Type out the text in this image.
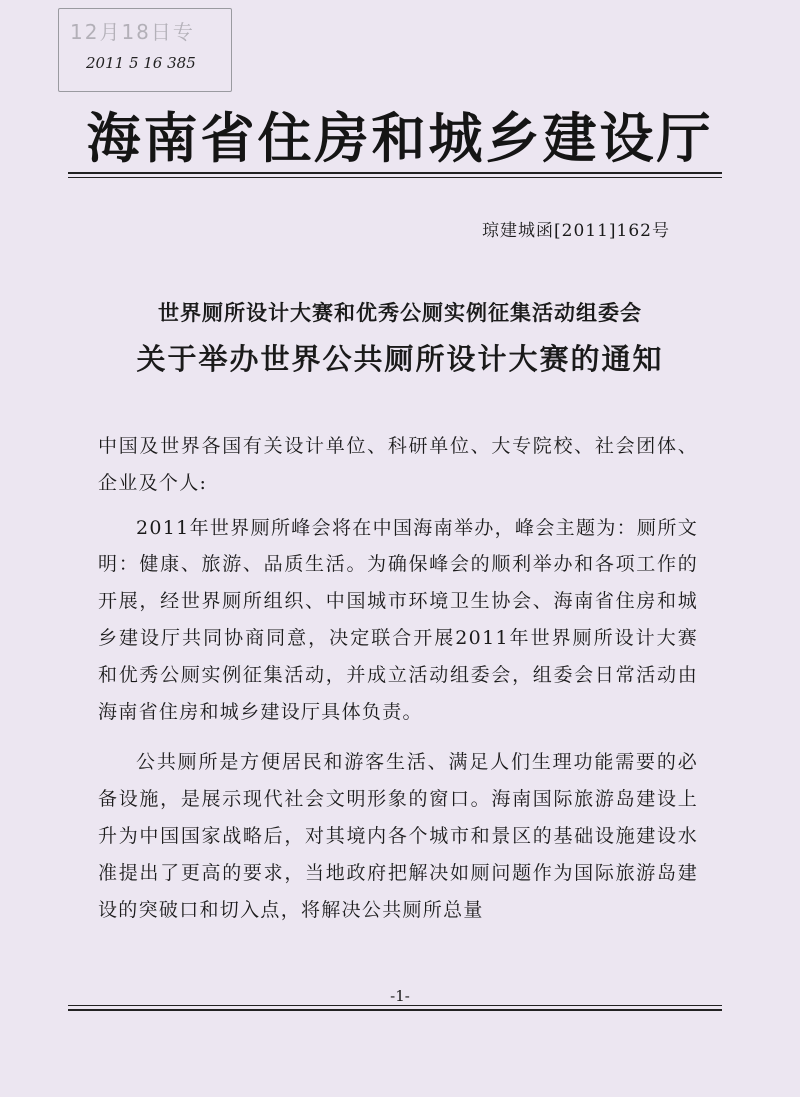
12月18日专
2011 5 16 385
海南省住房和城乡建设厅
琼建城函[2011]162号
世界厕所设计大赛和优秀公厕实例征集活动组委会
关于举办世界公共厕所设计大赛的通知

中国及世界各国有关设计单位、科研单位、大专院校、社会团体、企业及个人:

2011年世界厕所峰会将在中国海南举办，峰会主题为：厕所文明：健康、旅游、品质生活。为确保峰会的顺利举办和各项工作的开展，经世界厕所组织、中国城市环境卫生协会、海南省住房和城乡建设厅共同协商同意，决定联合开展2011年世界厕所设计大赛和优秀公厕实例征集活动，并成立活动组委会，组委会日常活动由海南省住房和城乡建设厅具体负责。

公共厕所是方便居民和游客生活、满足人们生理功能需要的必备设施，是展示现代社会文明形象的窗口。海南国际旅游岛建设上升为中国国家战略后，对其境内各个城市和景区的基础设施建设水准提出了更高的要求，当地政府把解决如厕问题作为国际旅游岛建设的突破口和切入点，将解决公共厕所总量

-1-
